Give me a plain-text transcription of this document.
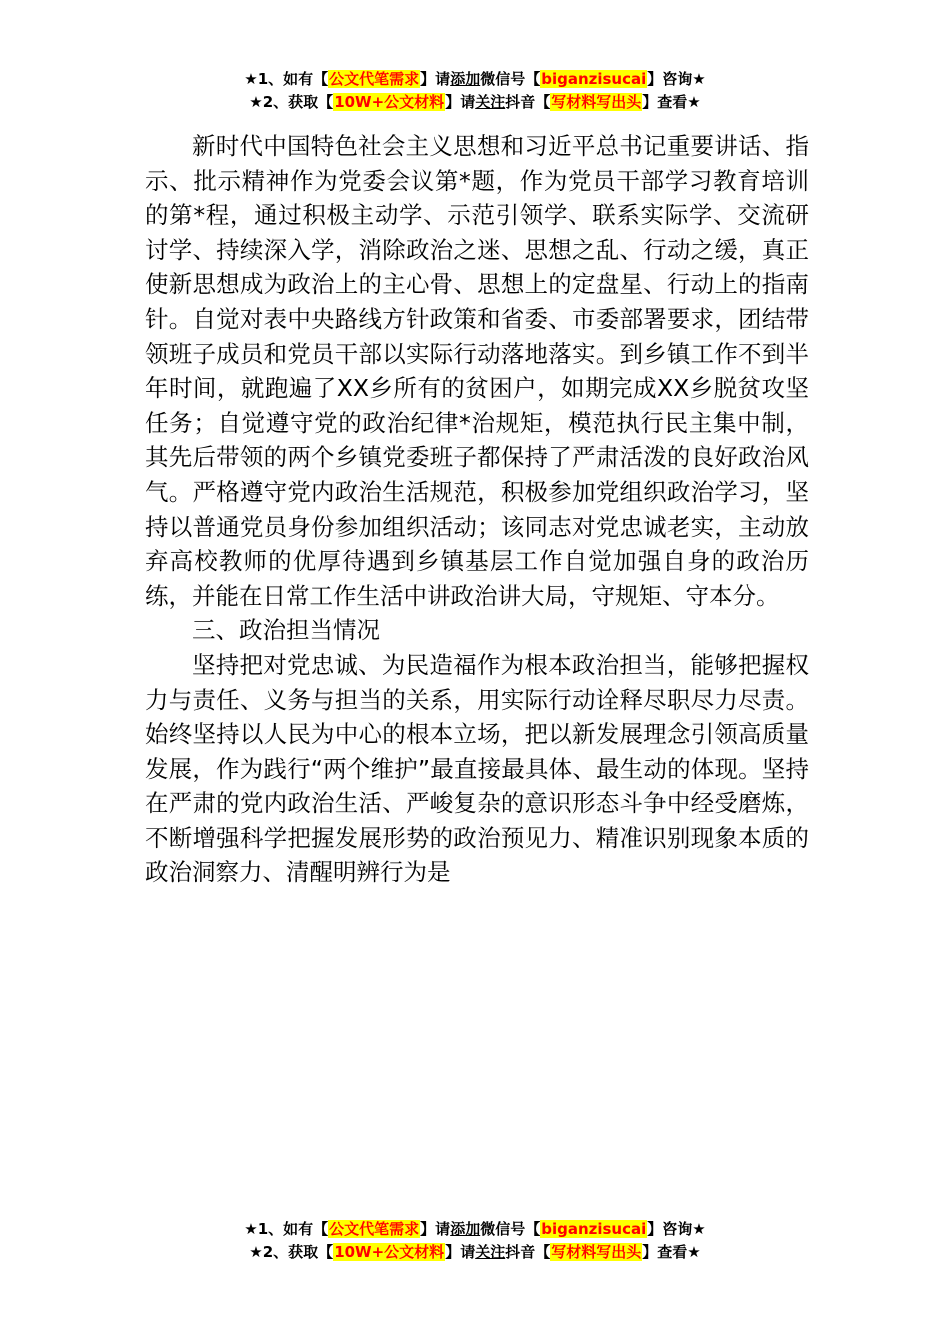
★1、如有【公文代笔需求】请添加微信号【biganzisucai】咨询★
★2、获取【10W+公文材料】请关注抖音【写材料写出头】查看★

新时代中国特色社会主义思想和习近平总书记重要讲话、指示、批示精神作为党委会议第*题，作为党员干部学习教育培训的第*程，通过积极主动学、示范引领学、联系实际学、交流研讨学、持续深入学，消除政治之迷、思想之乱、行动之缓，真正使新思想成为政治上的主心骨、思想上的定盘星、行动上的指南针。自觉对表中央路线方针政策和省委、市委部署要求，团结带领班子成员和党员干部以实际行动落地落实。到乡镇工作不到半年时间，就跑遍了XX乡所有的贫困户，如期完成XX乡脱贫攻坚任务；自觉遵守党的政治纪律*治规矩，模范执行民主集中制，其先后带领的两个乡镇党委班子都保持了严肃活泼的良好政治风气。严格遵守党内政治生活规范，积极参加党组织政治学习，坚持以普通党员身份参加组织活动；该同志对党忠诚老实，主动放弃高校教师的优厚待遇到乡镇基层工作自觉加强自身的政治历练，并能在日常工作生活中讲政治讲大局，守规矩、守本分。

三、政治担当情况

坚持把对党忠诚、为民造福作为根本政治担当，能够把握权力与责任、义务与担当的关系，用实际行动诠释尽职尽力尽责。始终坚持以人民为中心的根本立场，把以新发展理念引领高质量发展，作为践行“两个维护”最直接最具体、最生动的体现。坚持在严肃的党内政治生活、严峻复杂的意识形态斗争中经受磨炼，不断增强科学把握发展形势的政治预见力、精准识别现象本质的政治洞察力、清醒明辨行为是

★1、如有【公文代笔需求】请添加微信号【biganzisucai】咨询★
★2、获取【10W+公文材料】请关注抖音【写材料写出头】查看★
